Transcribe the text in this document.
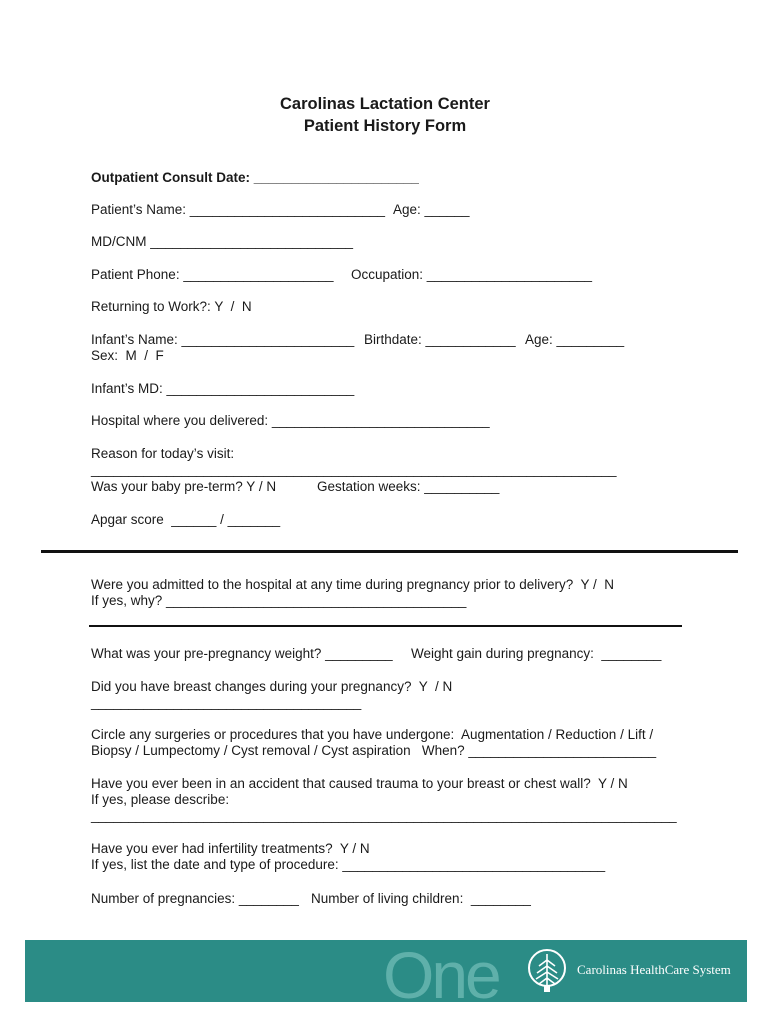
Carolinas Lactation Center
Patient History Form
Outpatient Consult Date: ______________________
Patient’s Name: __________________________ Age: ______
MD/CNM ___________________________
Patient Phone: ____________________ Occupation: ______________________
Returning to Work?: Y  /  N
Infant’s Name: _______________________ Birthdate: ____________ Age: _________
Sex:  M  /  F
Infant’s MD: _________________________
Hospital where you delivered: _____________________________
Reason for today’s visit:
______________________________________________________________________
Was your baby pre-term? Y / N	Gestation weeks: __________
Apgar score  ______ / _______
Were you admitted to the hospital at any time during pregnancy prior to delivery?  Y /  N
If yes, why? ________________________________________
What was your pre-pregnancy weight? _________ Weight gain during pregnancy:  ________
Did you have breast changes during your pregnancy?  Y  / N
____________________________________
Circle any surgeries or procedures that you have undergone:  Augmentation / Reduction / Lift /
Biopsy / Lumpectomy / Cyst removal / Cyst aspiration   When? _________________________
Have you ever been in an accident that caused trauma to your breast or chest wall?  Y / N
If yes, please describe:
______________________________________________________________________________
Have you ever had infertility treatments?  Y / N
If yes, list the date and type of procedure: ___________________________________
Number of pregnancies: ________ Number of living children:  ________
One	Carolinas HealthCare System
